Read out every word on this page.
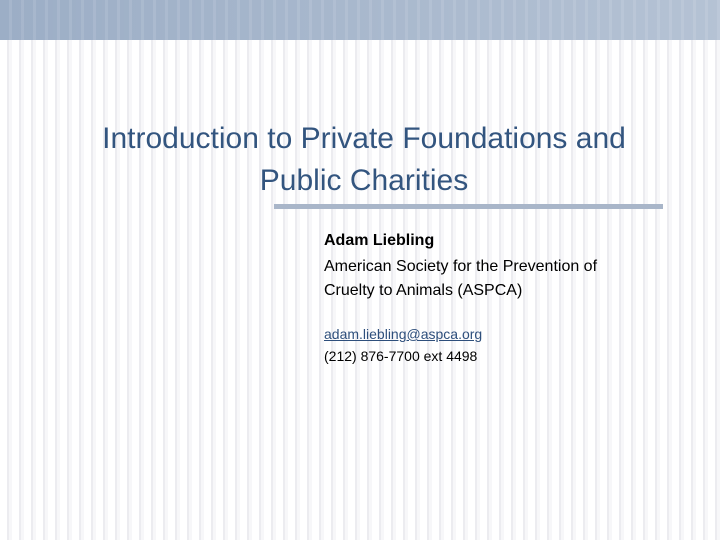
Introduction to Private Foundations and
Public Charities

Adam Liebling

American Society for the Prevention of
Cruelty to Animals (ASPCA)

adam.liebling@aspca.org

(212) 876-7700 ext 4498
